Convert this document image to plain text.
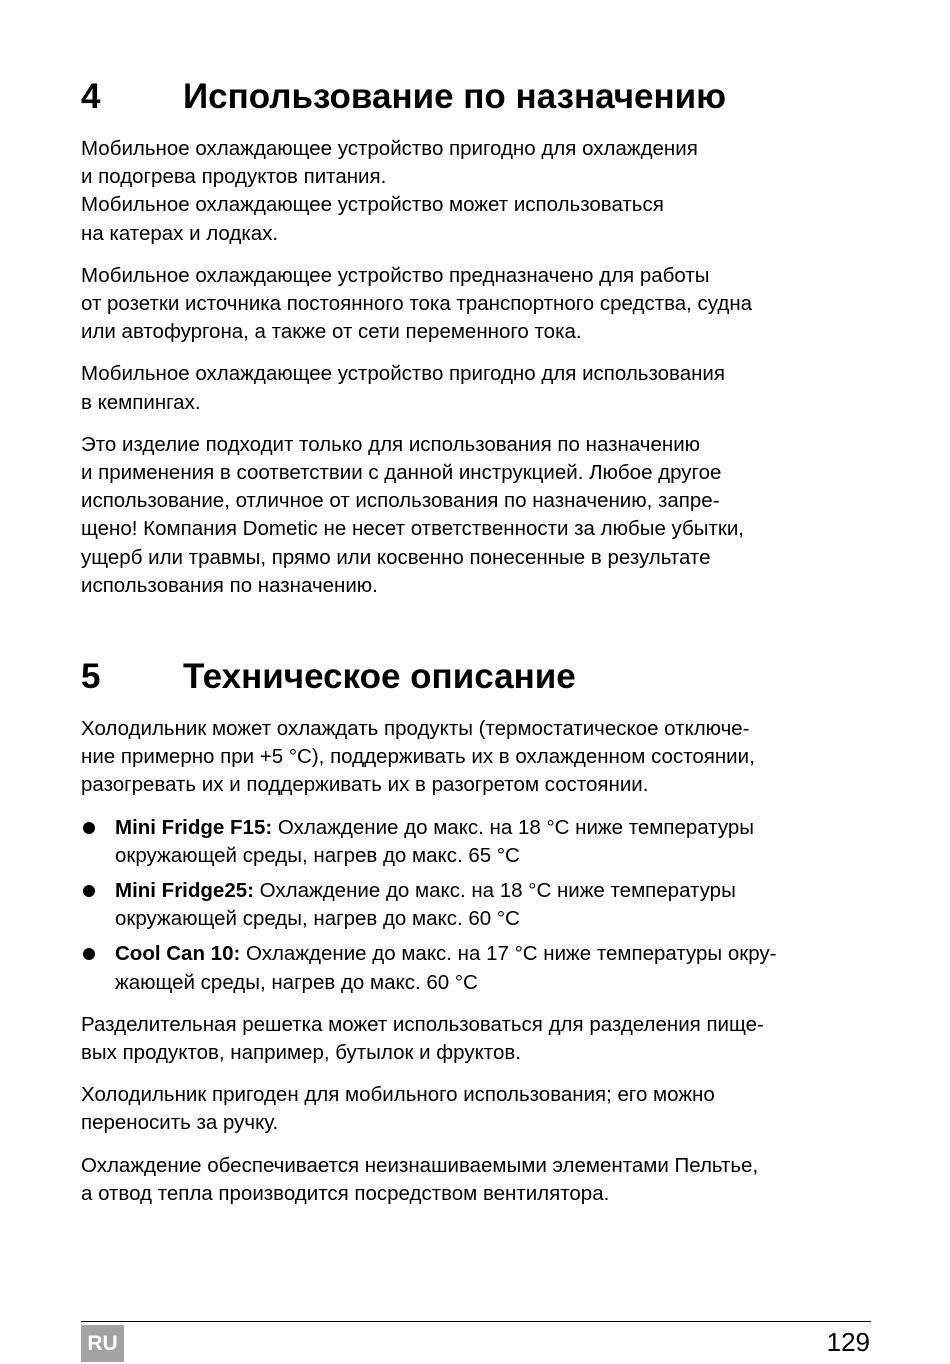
4 Использование по назначению

Мобильное охлаждающее устройство пригодно для охлаждения
и подогрева продуктов питания.
Мобильное охлаждающее устройство может использоваться
на катерах и лодках.

Мобильное охлаждающее устройство предназначено для работы
от розетки источника постоянного тока транспортного средства, судна
или автофургона, а также от сети переменного тока.

Мобильное охлаждающее устройство пригодно для использования
в кемпингах.

Это изделие подходит только для использования по назначению
и применения в соответствии с данной инструкцией. Любое другое
использование, отличное от использования по назначению, запре-
щено! Компания Dometic не несет ответственности за любые убытки,
ущерб или травмы, прямо или косвенно понесенные в результате
использования по назначению.

5 Техническое описание

Холодильник может охлаждать продукты (термостатическое отключе-
ние примерно при +5 °C), поддерживать их в охлажденном состоянии,
разогревать их и поддерживать их в разогретом состоянии.

Mini Fridge F15: Охлаждение до макс. на 18 °C ниже температуры
окружающей среды, нагрев до макс. 65 °C
Mini Fridge25: Охлаждение до макс. на 18 °C ниже температуры
окружающей среды, нагрев до макс. 60 °C
Cool Can 10: Охлаждение до макс. на 17 °C ниже температуры окру-
жающей среды, нагрев до макс. 60 °C

Разделительная решетка может использоваться для разделения пище-
вых продуктов, например, бутылок и фруктов.

Холодильник пригоден для мобильного использования; его можно
переносить за ручку.

Охлаждение обеспечивается неизнашиваемыми элементами Пельтье,
а отвод тепла производится посредством вентилятора.

RU	129
